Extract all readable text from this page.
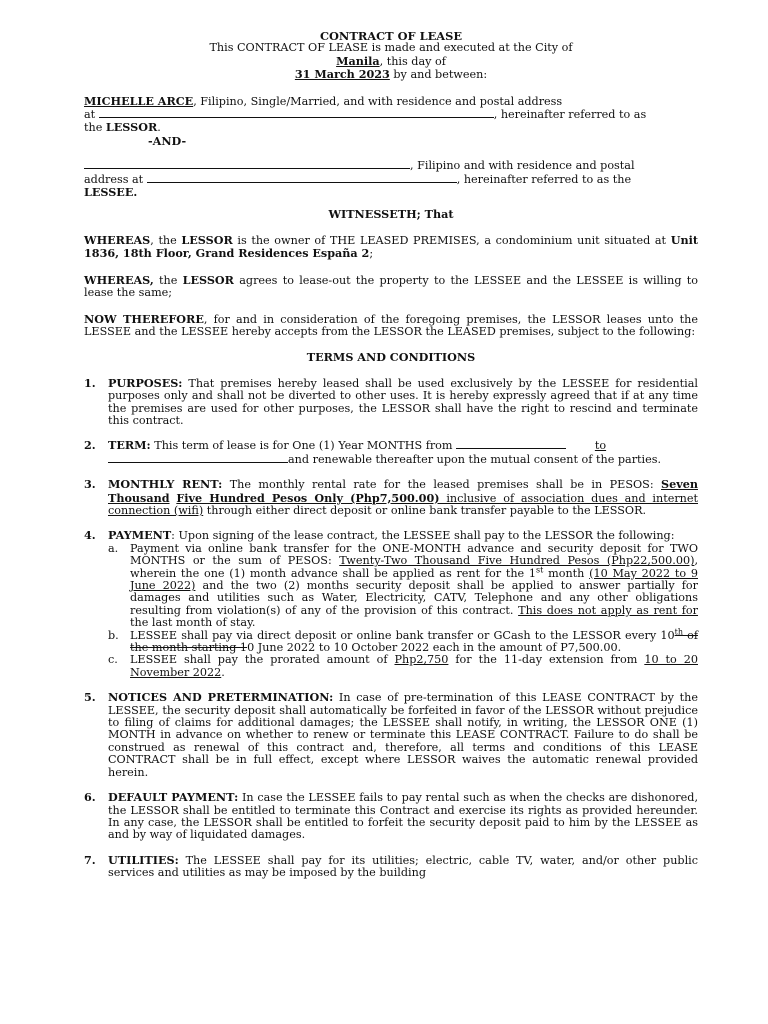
CONTRACT OF LEASE
This CONTRACT OF LEASE is made and executed at the City of
Manila, this day of
31 March 2023 by and between:

MICHELLE ARCE, Filipino, Single/Married, and with residence and postal address
at	, hereinafter referred to as
the LESSOR.

-AND-

, Filipino and with residence and postal
address at	, hereinafter referred to as the
LESSEE.

WITNESSETH; That

WHEREAS, the LESSOR is the owner of THE LEASED PREMISES, a condominium unit situated at Unit 1836, 18th Floor, Grand Residences España 2;

WHEREAS, the LESSOR agrees to lease-out the property to the LESSEE and the LESSEE is willing to lease the same;

NOW THEREFORE, for and in consideration of the foregoing premises, the LESSOR leases unto the LESSEE and the LESSEE hereby accepts from the LESSOR the LEASED premises, subject to the following:

TERMS AND CONDITIONS
1. PURPOSES: That premises hereby leased shall be used exclusively by the LESSEE for residential purposes only and shall not be diverted to other uses. It is hereby expressly agreed that if at any time the premises are used for other purposes, the LESSOR shall have the right to rescind and terminate this contract.
2. TERM: This term of lease is for One (1) Year MONTHS from	to
and renewable thereafter upon the mutual consent of the parties.
3. MONTHLY RENT: The monthly rental rate for the leased premises shall be in PESOS: Seven Thousand Five Hundred Pesos Only (Php7,500.00) inclusive of association dues and internet connection (wifi) through either direct deposit or online bank transfer payable to the LESSOR.
4. PAYMENT: Upon signing of the lease contract, the LESSEE shall pay to the LESSOR the following:
a. Payment via online bank transfer for the ONE-MONTH advance and security deposit for TWO MONTHS or the sum of PESOS: Twenty-Two Thousand Five Hundred Pesos (Php22,500.00), wherein the one (1) month advance shall be applied as rent for the 1st month (10 May 2022 to 9 June 2022) and the two (2) months security deposit shall be applied to answer partially for damages and utilities such as Water, Electricity, CATV, Telephone and any other obligations resulting from violation(s) of any of the provision of this contract. This does not apply as rent for the last month of stay.
b. LESSEE shall pay via direct deposit or online bank transfer or GCash to the LESSOR every 10th of the month starting 10 June 2022 to 10 October 2022 each in the amount of P7,500.00.
c. LESSEE shall pay the prorated amount of Php2,750 for the 11-day extension from 10 to 20 November 2022.
5. NOTICES AND PRETERMINATION: In case of pre-termination of this LEASE CONTRACT by the LESSEE, the security deposit shall automatically be forfeited in favor of the LESSOR without prejudice to filing of claims for additional damages; the LESSEE shall notify, in writing, the LESSOR ONE (1) MONTH in advance on whether to renew or terminate this LEASE CONTRACT. Failure to do shall be construed as renewal of this contract and, therefore, all terms and conditions of this LEASE CONTRACT shall be in full effect, except where LESSOR waives the automatic renewal provided herein.
6. DEFAULT PAYMENT: In case the LESSEE fails to pay rental such as when the checks are dishonored, the LESSOR shall be entitled to terminate this Contract and exercise its rights as provided hereunder. In any case, the LESSOR shall be entitled to forfeit the security deposit paid to him by the LESSEE as and by way of liquidated damages.
7. UTILITIES: The LESSEE shall pay for its utilities; electric, cable TV, water, and/or other public services and utilities as may be imposed by the building
